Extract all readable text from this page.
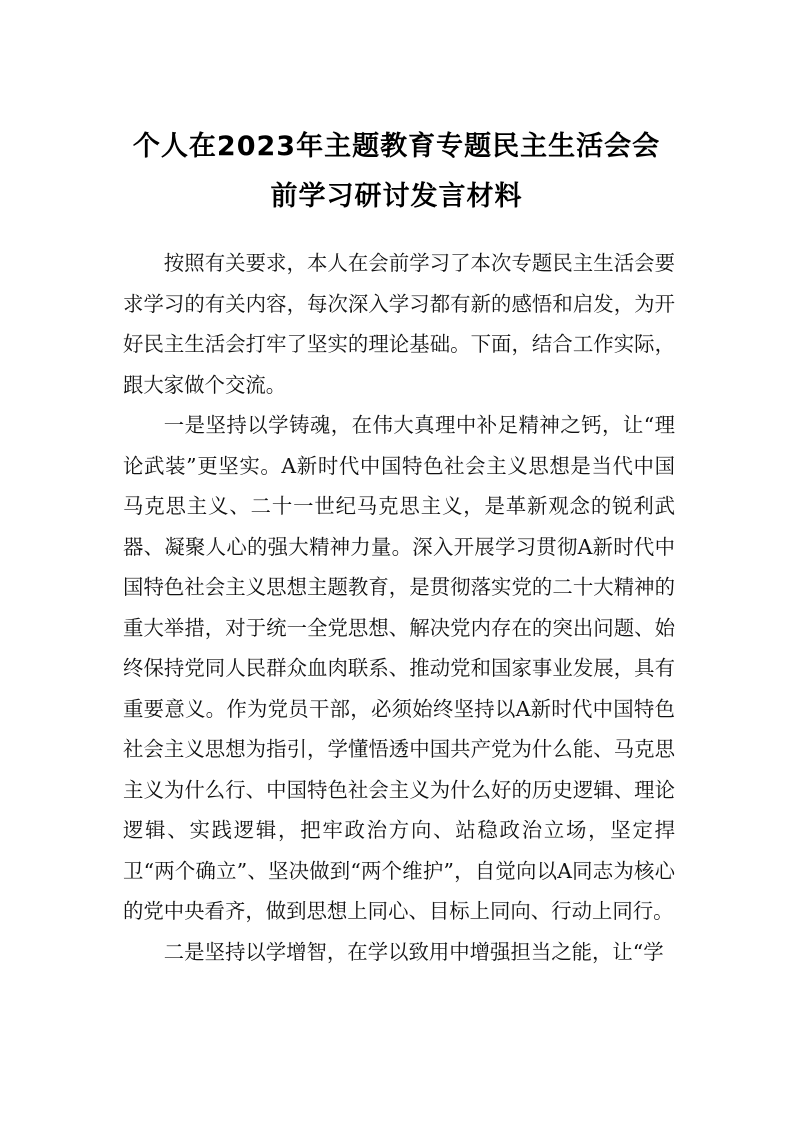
个人在2023年主题教育专题民主生活会会
前学习研讨发言材料

按照有关要求，本人在会前学习了本次专题民主生活会要求学习的有关内容，每次深入学习都有新的感悟和启发，为开好民主生活会打牢了坚实的理论基础。下面，结合工作实际，跟大家做个交流。

一是坚持以学铸魂，在伟大真理中补足精神之钙，让“理论武装”更坚实。A新时代中国特色社会主义思想是当代中国马克思主义、二十一世纪马克思主义，是革新观念的锐利武器、凝聚人心的强大精神力量。深入开展学习贯彻A新时代中国特色社会主义思想主题教育，是贯彻落实党的二十大精神的重大举措，对于统一全党思想、解决党内存在的突出问题、始终保持党同人民群众血肉联系、推动党和国家事业发展，具有重要意义。作为党员干部，必须始终坚持以A新时代中国特色社会主义思想为指引，学懂悟透中国共产党为什么能、马克思主义为什么行、中国特色社会主义为什么好的历史逻辑、理论逻辑、实践逻辑，把牢政治方向、站稳政治立场，坚定捍卫“两个确立”、坚决做到“两个维护”，自觉向以A同志为核心的党中央看齐，做到思想上同心、目标上同向、行动上同行。

二是坚持以学增智，在学以致用中增强担当之能，让“学
